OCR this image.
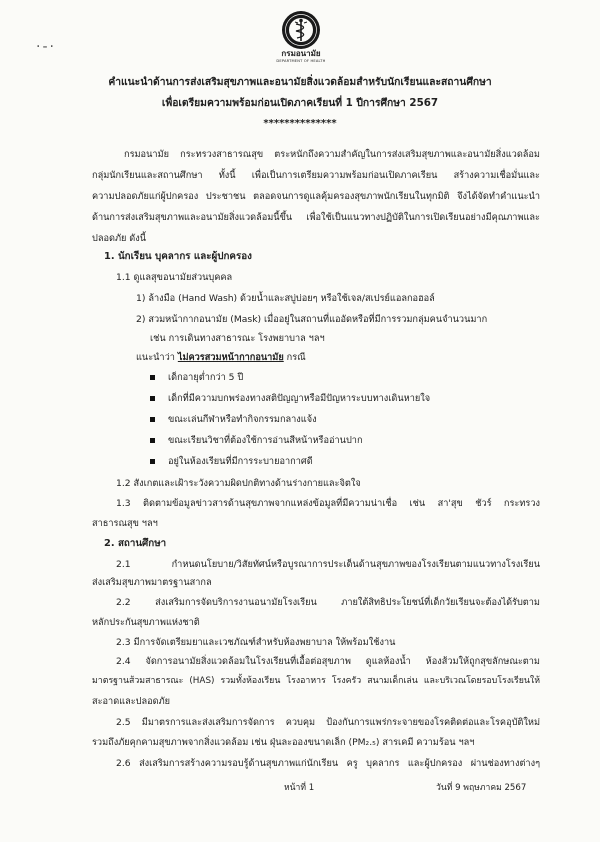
·-·	กรมอนามัย
DEPARTMENT OF HEALTH
คำแนะนำด้านการส่งเสริมสุขภาพและอนามัยสิ่งแวดล้อมสำหรับนักเรียนและสถานศึกษา
เพื่อเตรียมความพร้อมก่อนเปิดภาคเรียนที่ 1 ปีการศึกษา 2567
**************
กรมอนามัย กระทรวงสาธารณสุข ตระหนักถึงความสำคัญในการส่งเสริมสุขภาพและอนามัยสิ่งแวดล้อม
กลุ่มนักเรียนและสถานศึกษา ทั้งนี้ เพื่อเป็นการเตรียมความพร้อมก่อนเปิดภาคเรียน สร้างความเชื่อมั่นและ
ความปลอดภัยแก่ผู้ปกครอง ประชาชน ตลอดจนการดูแลคุ้มครองสุขภาพนักเรียนในทุกมิติ จึงได้จัดทำคำแนะนำ
ด้านการส่งเสริมสุขภาพและอนามัยสิ่งแวดล้อมนี้ขึ้น เพื่อใช้เป็นแนวทางปฏิบัติในการเปิดเรียนอย่างมีคุณภาพและ
ปลอดภัย ดังนี้
1. นักเรียน บุคลากร และผู้ปกครอง
1.1 ดูแลสุขอนามัยส่วนบุคคล
1) ล้างมือ (Hand Wash) ด้วยน้ำและสบู่บ่อยๆ หรือใช้เจล/สเปรย์แอลกอฮอล์
2) สวมหน้ากากอนามัย (Mask) เมื่ออยู่ในสถานที่แออัดหรือที่มีการรวมกลุ่มคนจำนวนมาก
เช่น การเดินทางสาธารณะ โรงพยาบาล ฯลฯ
แนะนำว่า ไม่ควรสวมหน้ากากอนามัย กรณี
เด็กอายุต่ำกว่า 5 ปี
เด็กที่มีความบกพร่องทางสติปัญญาหรือมีปัญหาระบบทางเดินหายใจ
ขณะเล่นกีฬาหรือทำกิจกรรมกลางแจ้ง
ขณะเรียนวิชาที่ต้องใช้การอ่านสีหน้าหรืออ่านปาก
อยู่ในห้องเรียนที่มีการระบายอากาศดี
1.2 สังเกตและเฝ้าระวังความผิดปกติทางด้านร่างกายและจิตใจ
1.3 ติดตามข้อมูลข่าวสารด้านสุขภาพจากแหล่งข้อมูลที่มีความน่าเชื่อ เช่น สา'สุข ชัวร์ กระทรวง
สาธารณสุข ฯลฯ
2. สถานศึกษา
2.1 กำหนดนโยบาย/วิสัยทัศน์หรือบูรณาการประเด็นด้านสุขภาพของโรงเรียนตามแนวทางโรงเรียน
ส่งเสริมสุขภาพมาตรฐานสากล
2.2 ส่งเสริมการจัดบริการงานอนามัยโรงเรียน ภายใต้สิทธิประโยชน์ที่เด็กวัยเรียนจะต้องได้รับตาม
หลักประกันสุขภาพแห่งชาติ
2.3 มีการจัดเตรียมยาและเวชภัณฑ์สำหรับห้องพยาบาล ให้พร้อมใช้งาน
2.4 จัดการอนามัยสิ่งแวดล้อมในโรงเรียนที่เอื้อต่อสุขภาพ ดูแลห้องน้ำ ห้องส้วมให้ถูกสุขลักษณะตาม
มาตรฐานส้วมสาธารณะ (HAS) รวมทั้งห้องเรียน โรงอาหาร โรงครัว สนามเด็กเล่น และบริเวณโดยรอบโรงเรียนให้
สะอาดและปลอดภัย
2.5 มีมาตรการและส่งเสริมการจัดการ ควบคุม ป้องกันการแพร่กระจายของโรคติดต่อและโรคอุบัติใหม่
รวมถึงภัยคุกคามสุขภาพจากสิ่งแวดล้อม เช่น ฝุ่นละอองขนาดเล็ก (PM₂.₅) สารเคมี ความร้อน ฯลฯ
2.6 ส่งเสริมการสร้างความรอบรู้ด้านสุขภาพแก่นักเรียน ครู บุคลากร และผู้ปกครอง ผ่านช่องทางต่างๆ
หน้าที่ 1	วันที่ 9 พฤษภาคม 2567
